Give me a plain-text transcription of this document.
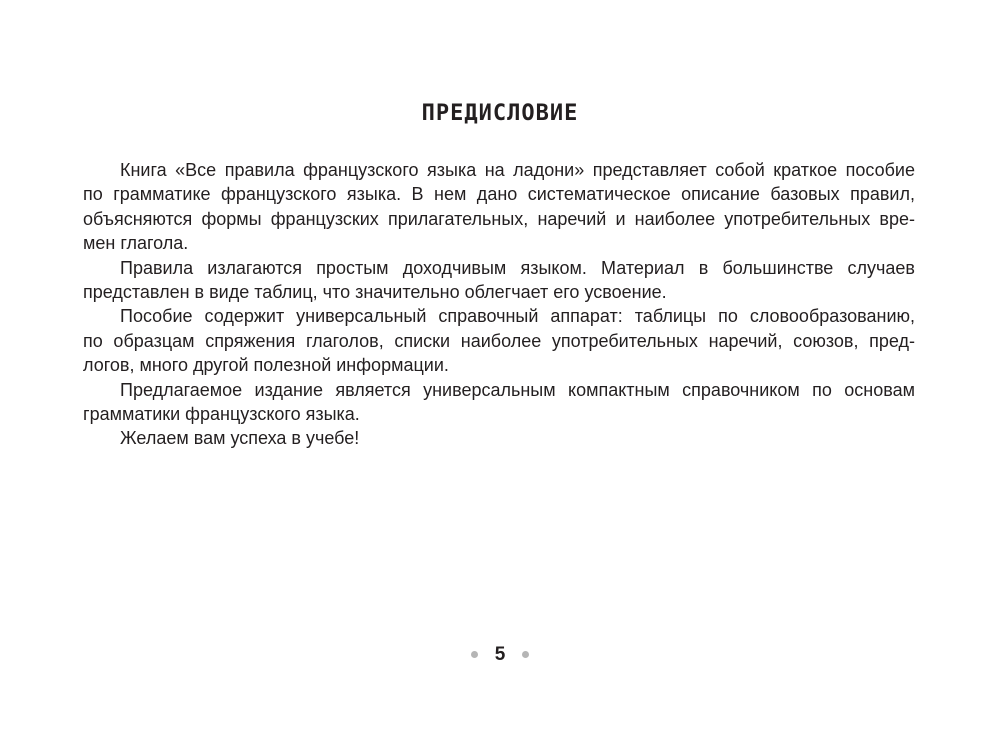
ПРЕДИСЛОВИЕ
Книга «Все правила французского языка на ладони» представляет собой краткое пособие
по грамматике французского языка. В нем дано систематическое описание базовых правил,
объясняются формы французских прилагательных, наречий и наиболее употребительных вре-
мен глагола.
Правила излагаются простым доходчивым языком. Материал в большинстве случаев
представлен в виде таблиц, что значительно облегчает его усвоение.
Пособие содержит универсальный справочный аппарат: таблицы по словообразованию,
по образцам спряжения глаголов, списки наиболее употребительных наречий, союзов, пред-
логов, много другой полезной информации.
Предлагаемое издание является универсальным компактным справочником по основам
грамматики французского языка.
Желаем вам успеха в учебе!
5
